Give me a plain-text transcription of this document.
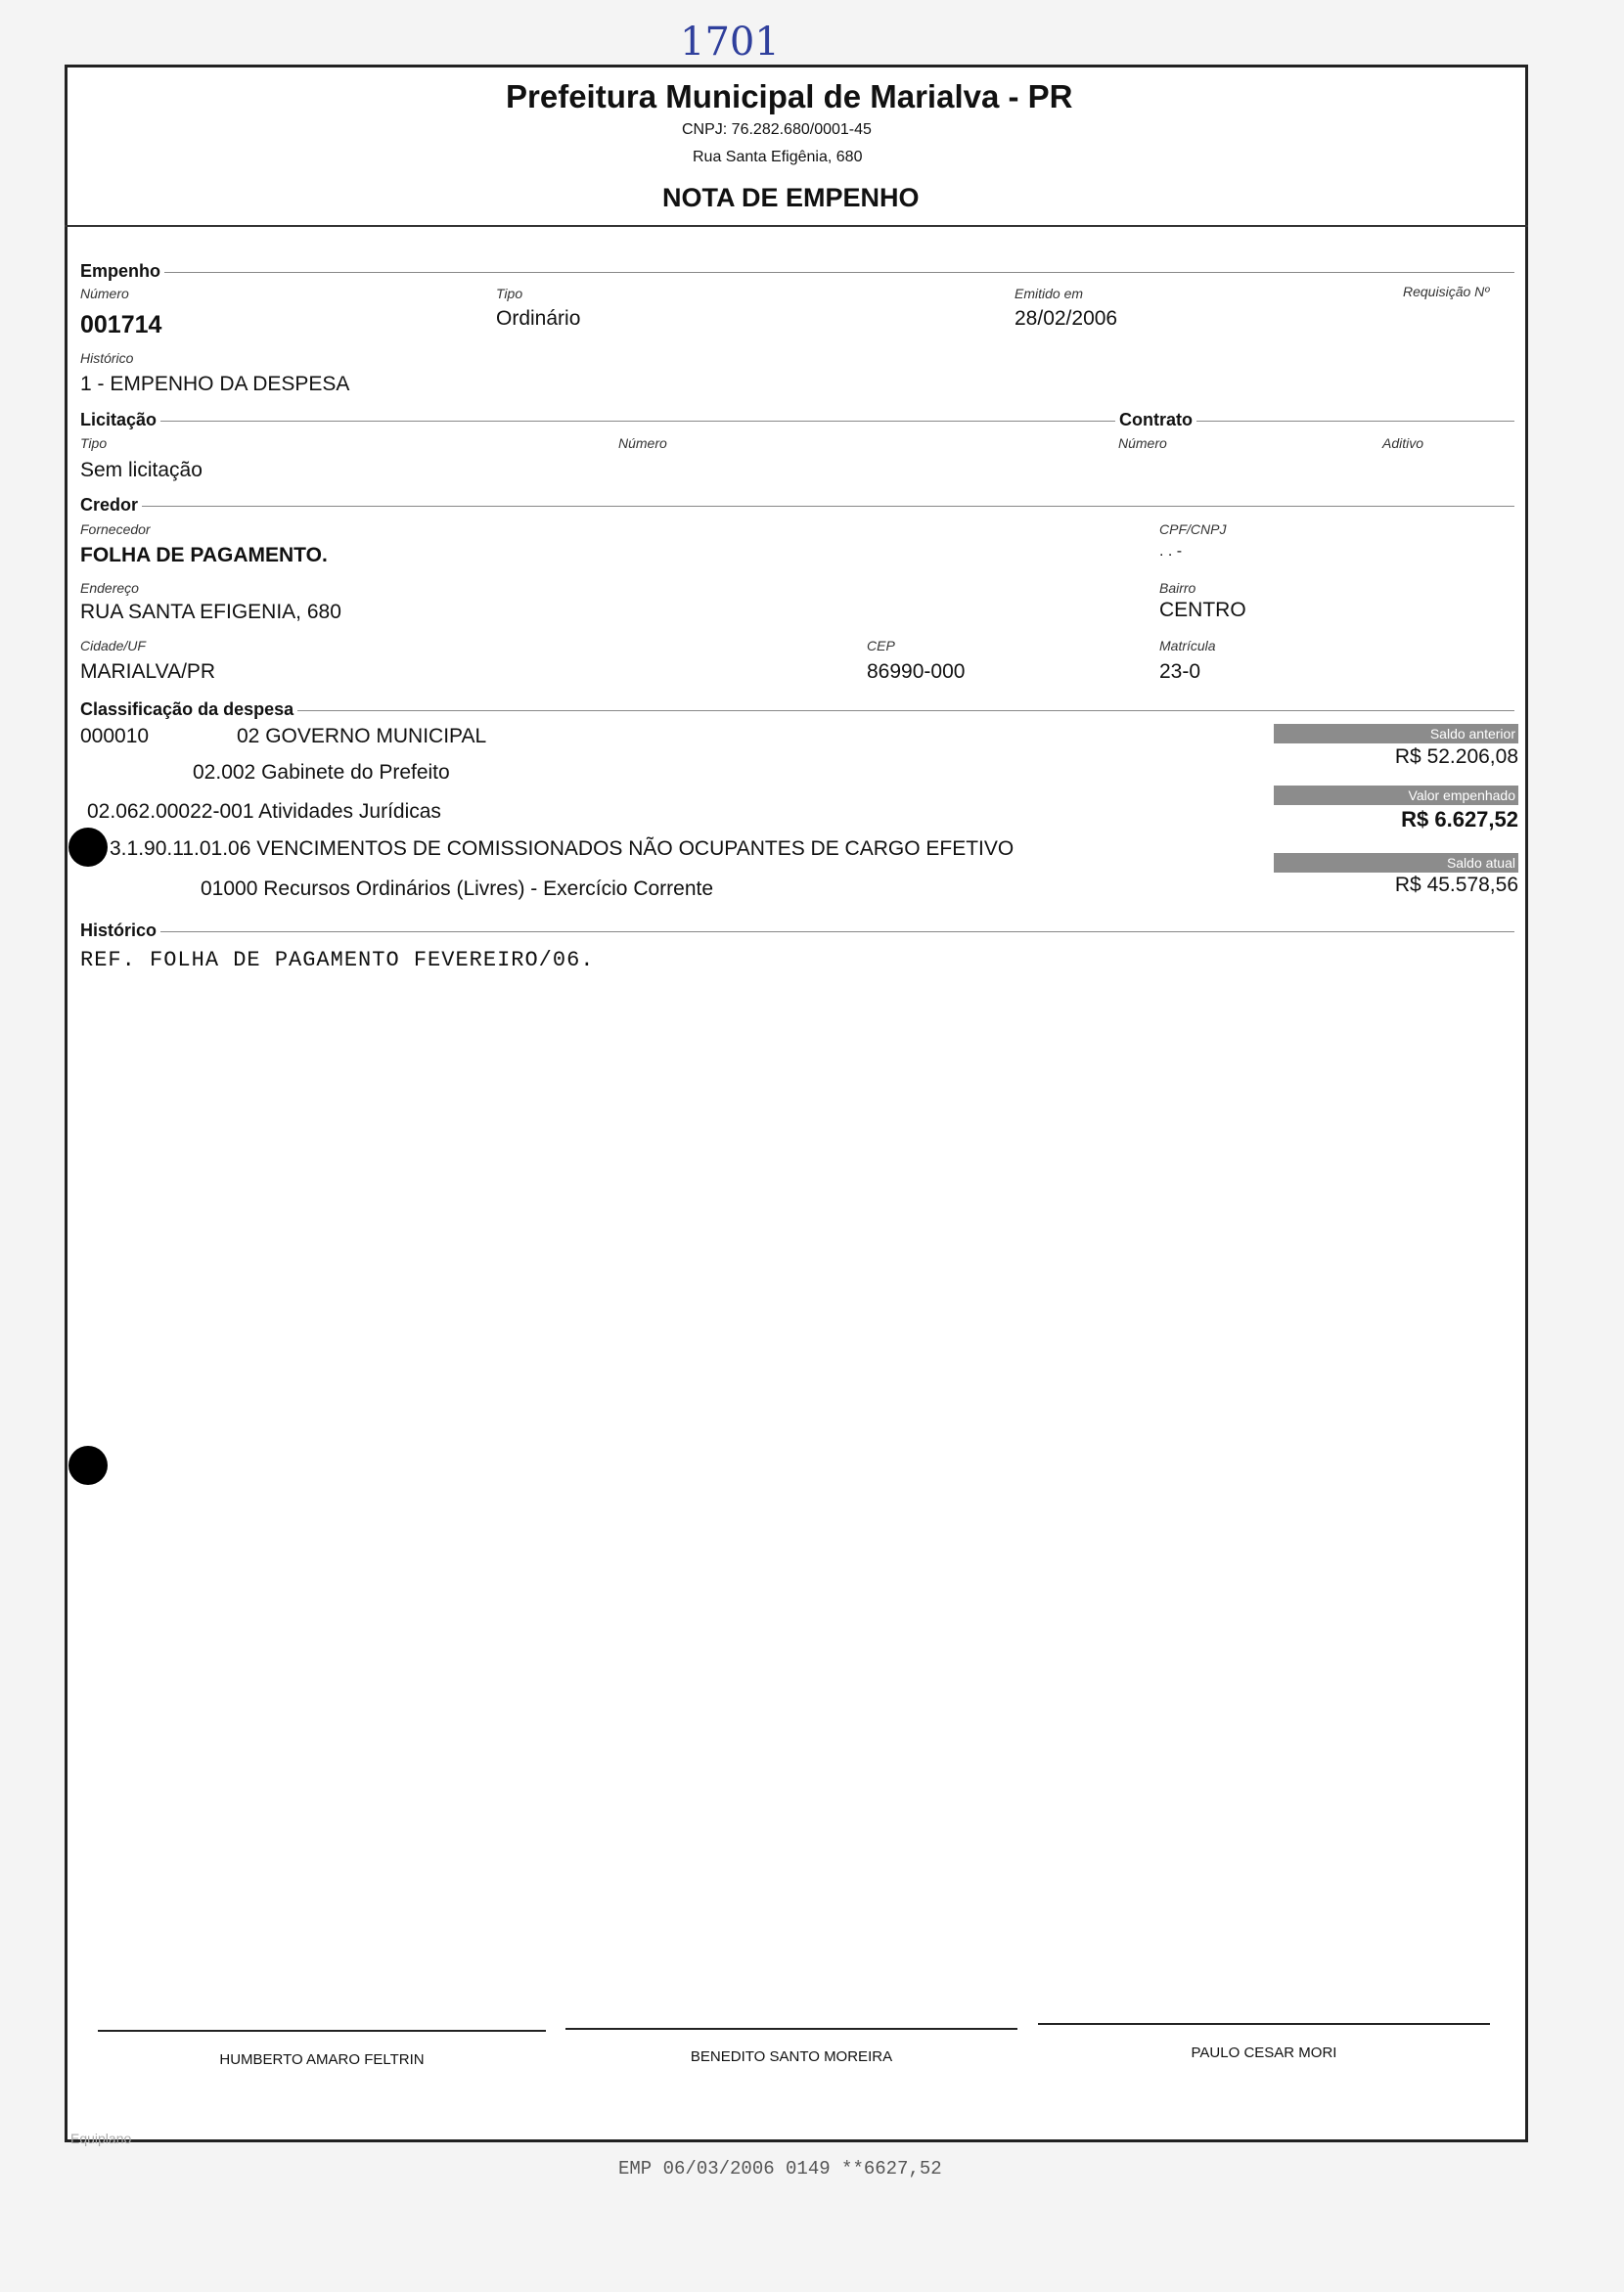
1701
Prefeitura Municipal de Marialva - PR
CNPJ: 76.282.680/0001-45
Rua Santa Efigênia, 680
NOTA DE EMPENHO
Empenho
Número
001714
Tipo
Ordinário
Emitido em
28/02/2006
Requisição Nº
Histórico
1 - EMPENHO DA DESPESA
Licitação	Contrato
Tipo
Sem licitação
Número	Número	Aditivo
Credor
Fornecedor
FOLHA DE PAGAMENTO.
CPF/CNPJ
. . -
Endereço
RUA SANTA EFIGENIA, 680
Bairro
CENTRO
Cidade/UF
MARIALVA/PR
CEP
86990-000
Matrícula
23-0
Classificação da despesa
000010	02 GOVERNO MUNICIPAL
02.002 Gabinete do Prefeito
02.062.00022-001 Atividades Jurídicas
3.1.90.11.01.06 VENCIMENTOS DE COMISSIONADOS NÃO OCUPANTES DE CARGO EFETIVO
01000 Recursos Ordinários (Livres) - Exercício Corrente
Saldo anterior
R$ 52.206,08
Valor empenhado
R$ 6.627,52
Saldo atual
R$ 45.578,56
Histórico
REF. FOLHA DE PAGAMENTO FEVEREIRO/06.
HUMBERTO AMARO FELTRIN	BENEDITO SANTO MOREIRA	PAULO CESAR MORI
Equiplano
EMP 06/03/2006 0149 **6627,52
